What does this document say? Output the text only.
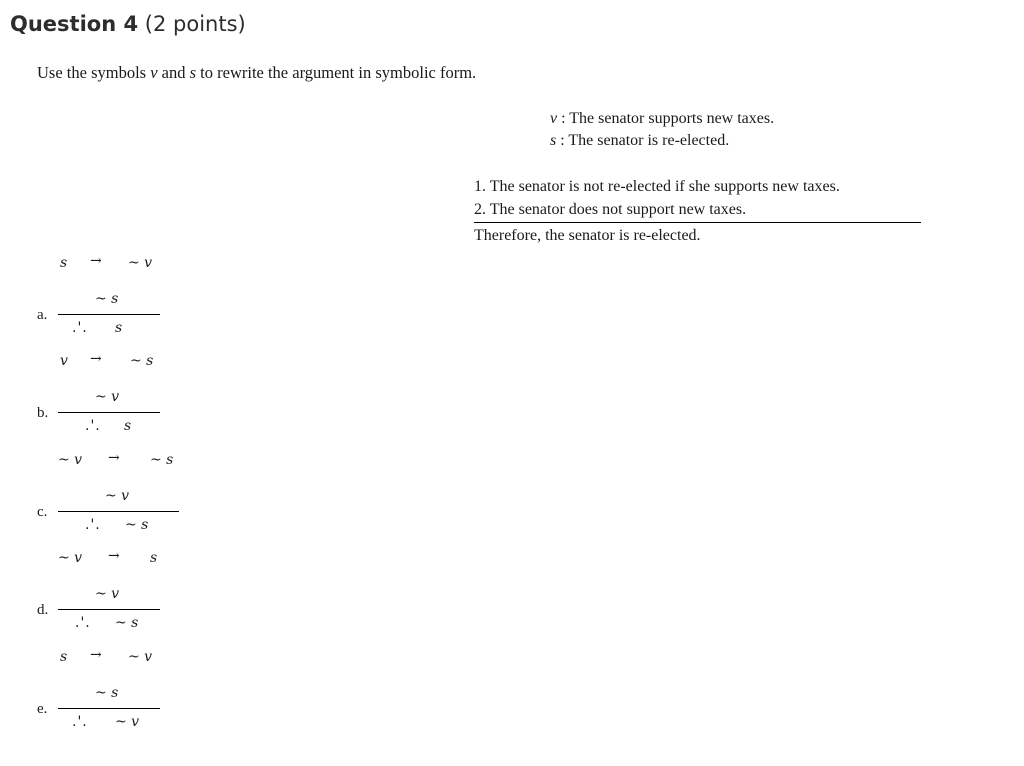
Question 4 (2 points)
Use the symbols v and s to rewrite the argument in symbolic form.
v : The senator supports new taxes.
s : The senator is re-elected.
1. The senator is not re-elected if she supports new taxes.
2. The senator does not support new taxes.
Therefore, the senator is re-elected.
s → ~ v
~ s
a.
.'. s
v → ~ s
~ v
b.
.'. s
~ v → ~ s
~ v
c.
.'. ~ s
~ v → s
~ v
d.
.'. ~ s
s → ~ v
~ s
e.
.'. ~ v
